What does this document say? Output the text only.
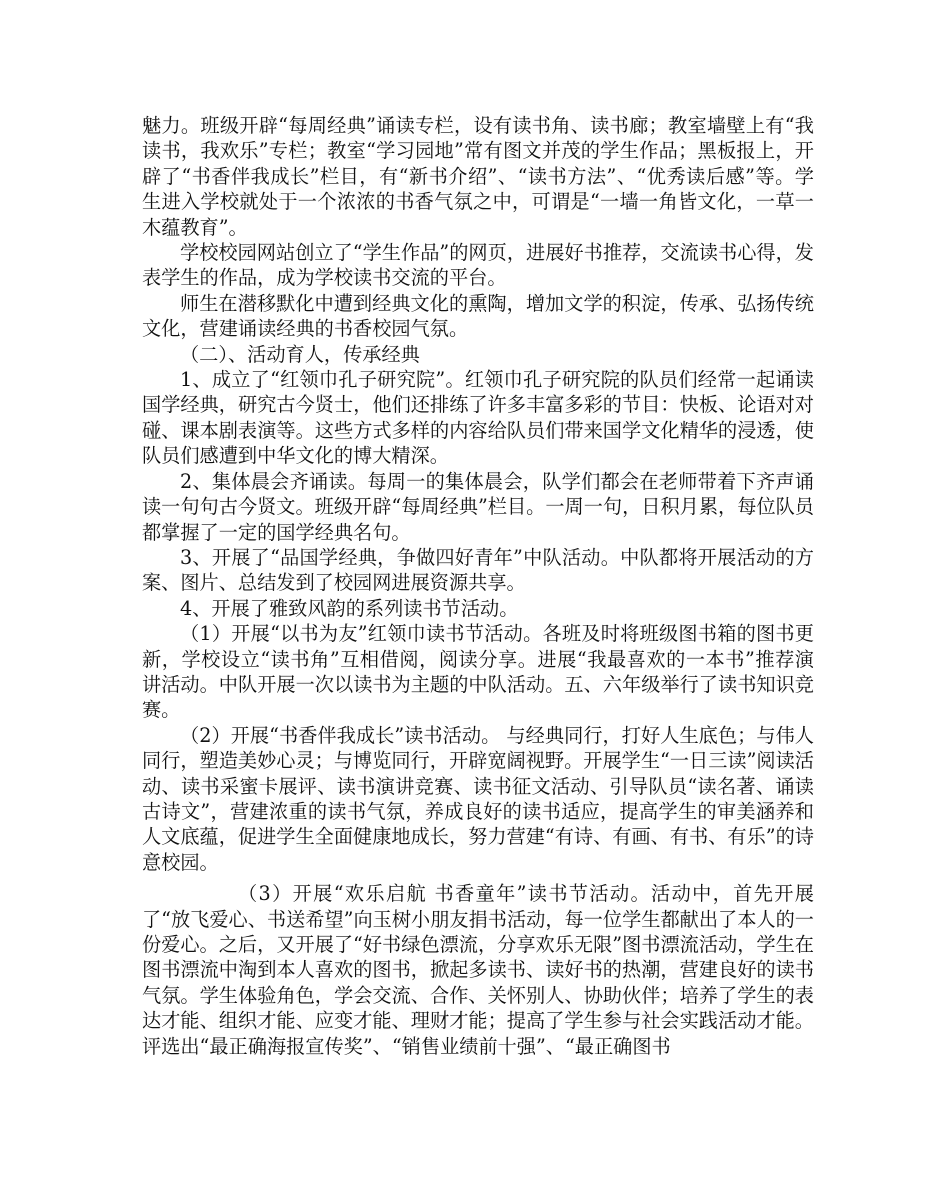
魅力。班级开辟“每周经典”诵读专栏，设有读书角、读书廊；教室墙壁上有“我读书，我欢乐”专栏；教室“学习园地”常有图文并茂的学生作品；黑板报上，开辟了“书香伴我成长”栏目，有“新书介绍”、“读书方法”、“优秀读后感”等。学生进入学校就处于一个浓浓的书香气氛之中，可谓是“一墙一角皆文化，一草一木蕴教育”。

学校校园网站创立了“学生作品”的网页，进展好书推荐，交流读书心得，发表学生的作品，成为学校读书交流的平台。

师生在潜移默化中遭到经典文化的熏陶，增加文学的积淀，传承、弘扬传统文化，营建诵读经典的书香校园气氛。

（二）、活动育人，传承经典

1、成立了“红领巾孔子研究院”。红领巾孔子研究院的队员们经常一起诵读国学经典，研究古今贤士，他们还排练了许多丰富多彩的节目：快板、论语对对碰、课本剧表演等。这些方式多样的内容给队员们带来国学文化精华的浸透，使队员们感遭到中华文化的博大精深。

2、集体晨会齐诵读。每周一的集体晨会，队学们都会在老师带着下齐声诵读一句句古今贤文。班级开辟“每周经典”栏目。一周一句，日积月累，每位队员都掌握了一定的国学经典名句。

3、开展了“品国学经典，争做四好青年”中队活动。中队都将开展活动的方案、图片、总结发到了校园网进展资源共享。

4、开展了雅致风韵的系列读书节活动。

（1）开展“以书为友”红领巾读书节活动。各班及时将班级图书箱的图书更新，学校设立“读书角”互相借阅，阅读分享。进展“我最喜欢的一本书”推荐演讲活动。中队开展一次以读书为主题的中队活动。五、六年级举行了读书知识竞赛。

（2）开展“书香伴我成长”读书活动。 与经典同行，打好人生底色；与伟人同行，塑造美妙心灵；与博览同行，开辟宽阔视野。开展学生“一日三读”阅读活动、读书采蜜卡展评、读书演讲竞赛、读书征文活动、引导队员“读名著、诵读古诗文”，营建浓重的读书气氛，养成良好的读书适应，提高学生的审美涵养和人文底蕴，促进学生全面健康地成长，努力营建“有诗、有画、有书、有乐”的诗意校园。

（3）开展“欢乐启航 书香童年”读书节活动。活动中，首先开展了“放飞爱心、书送希望”向玉树小朋友捐书活动，每一位学生都献出了本人的一份爱心。之后，又开展了“好书绿色漂流，分享欢乐无限”图书漂流活动，学生在图书漂流中淘到本人喜欢的图书，掀起多读书、读好书的热潮，营建良好的读书气氛。学生体验角色，学会交流、合作、关怀别人、协助伙伴；培养了学生的表达才能、组织才能、应变才能、理财才能；提高了学生参与社会实践活动才能。评选出“最正确海报宣传奖”、“销售业绩前十强”、“最正确图书
